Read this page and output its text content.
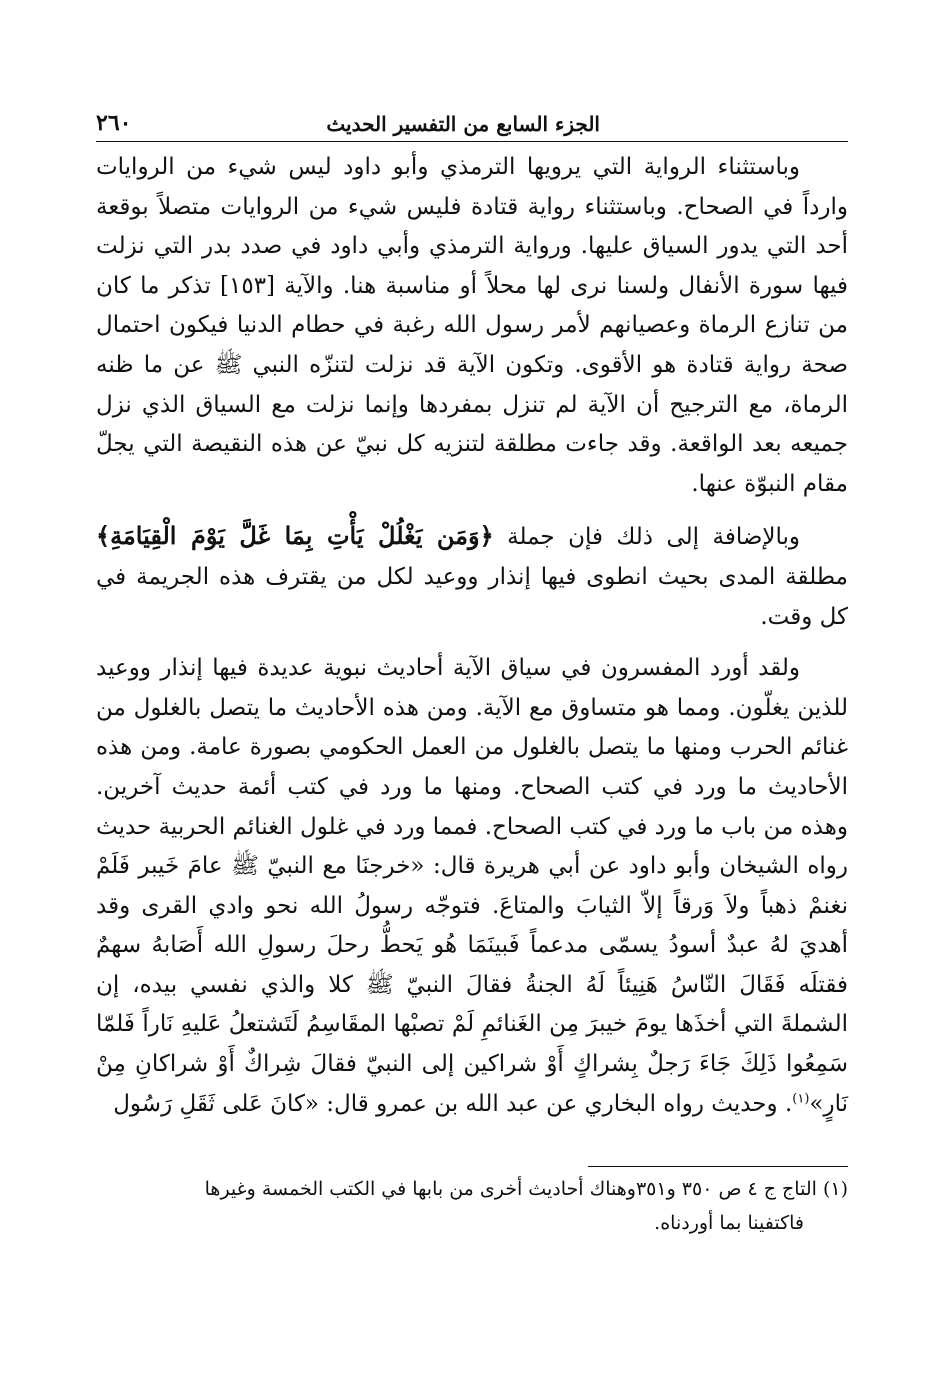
٢٦٠	الجزء السابع من التفسير الحديث

وباستثناء الرواية التي يرويها الترمذي وأبو داود ليس شيء من الروايات وارداً في الصحاح. وباستثناء رواية قتادة فليس شيء من الروايات متصلاً بوقعة أحد التي يدور السياق عليها. ورواية الترمذي وأبي داود في صدد بدر التي نزلت فيها سورة الأنفال ولسنا نرى لها محلاً أو مناسبة هنا. والآية [١٥٣] تذكر ما كان من تنازع الرماة وعصيانهم لأمر رسول الله رغبة في حطام الدنيا فيكون احتمال صحة رواية قتادة هو الأقوى. وتكون الآية قد نزلت لتنزّه النبي ﷺ عن ما ظنه الرماة، مع الترجيح أن الآية لم تنزل بمفردها وإنما نزلت مع السياق الذي نزل جميعه بعد الواقعة. وقد جاءت مطلقة لتنزيه كل نبيّ عن هذه النقيصة التي يجلّ مقام النبوّة عنها.

وبالإضافة إلى ذلك فإن جملة ﴿وَمَن يَغْلُلْ يَأْتِ بِمَا غَلَّ يَوْمَ الْقِيَامَةِ﴾ مطلقة المدى بحيث انطوى فيها إنذار ووعيد لكل من يقترف هذه الجريمة في كل وقت.

ولقد أورد المفسرون في سياق الآية أحاديث نبوية عديدة فيها إنذار ووعيد للذين يغلّون. ومما هو متساوق مع الآية. ومن هذه الأحاديث ما يتصل بالغلول من غنائم الحرب ومنها ما يتصل بالغلول من العمل الحكومي بصورة عامة. ومن هذه الأحاديث ما ورد في كتب الصحاح. ومنها ما ورد في كتب أئمة حديث آخرين. وهذه من باب ما ورد في كتب الصحاح. فمما ورد في غلول الغنائم الحربية حديث رواه الشيخان وأبو داود عن أبي هريرة قال: «خرجنَا مع النبيّ ﷺ عامَ خَيبر فَلَمْ نغنمْ ذهباً ولاَ وَرقاً إلاّ الثيابَ والمتاعَ. فتوجّه رسولُ الله نحو وادي القرى وقد أهديَ لهُ عبدٌ أسودُ يسمّى مدعماً فَبينَمَا هُو يَحطُّ رحلَ رسولِ الله أَصَابهُ سهمٌ فقتلَه فَقَالَ النّاسُ هَنِيئاً لَهُ الجنةُ فقالَ النبيّ ﷺ كلا والذي نفسي بيده، إن الشملةَ التي أخذَها يومَ خيبرَ مِن الغَنائمِ لَمْ تصبْها المقَاسِمُ لَتَشتعلُ عَليهِ نَاراً فَلمّا سَمِعُوا ذَلِكَ جَاءَ رَجلٌ بِشراكٍ أَوْ شراكين إلى النبيّ فقالَ شِراكٌ أَوْ شراكانِ مِنْ نَارٍ»$^{(١)}$. وحديث رواه البخاري عن عبد الله بن عمرو قال: «كانَ عَلى ثَقَلِ رَسُول

(١) التاج ج ٤ ص ٣٥٠ و٣٥١وهناك أحاديث أخرى من بابها في الكتب الخمسة وغيرها

فاكتفينا بما أوردناه.
